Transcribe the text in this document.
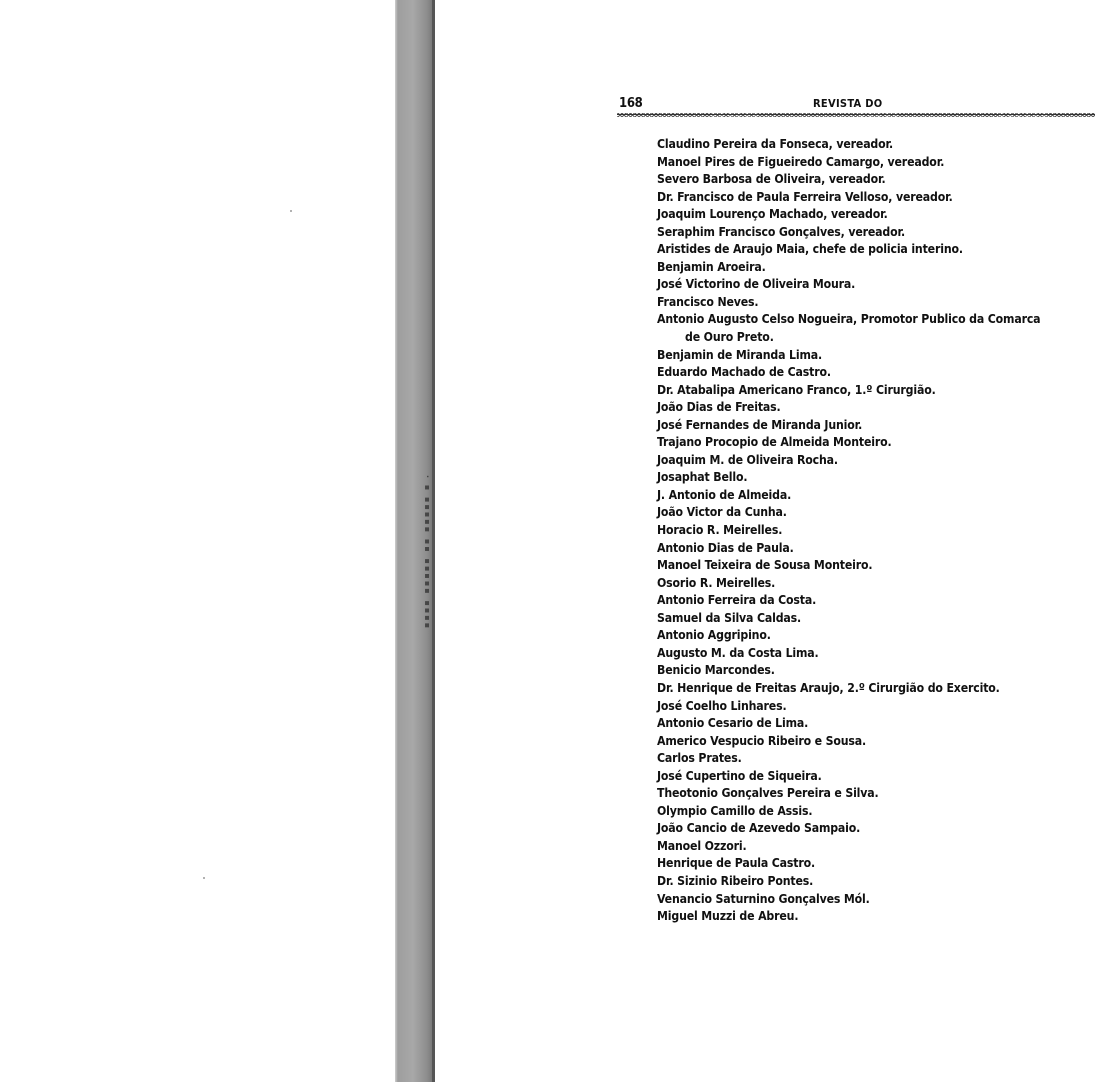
· ▪ ▪▪▪▪▪ ▪▪ ▪▪▪▪▪ ▪▪▪▪
168	REVISTA DO
Claudino Pereira da Fonseca, vereador.
Manoel Pires de Figueiredo Camargo, vereador.
Severo Barbosa de Oliveira, vereador.
Dr. Francisco de Paula Ferreira Velloso, vereador.
Joaquim Lourenço Machado, vereador.
Seraphim Francisco Gonçalves, vereador.
Aristides de Araujo Maia, chefe de policia interino.
Benjamin Aroeira.
José Victorino de Oliveira Moura.
Francisco Neves.
Antonio Augusto Celso Nogueira, Promotor Publico da Comarca
de Ouro Preto.
Benjamin de Miranda Lima.
Eduardo Machado de Castro.
Dr. Atabalipa Americano Franco, 1.º Cirurgião.
João Dias de Freitas.
José Fernandes de Miranda Junior.
Trajano Procopio de Almeida Monteiro.
Joaquim M. de Oliveira Rocha.
Josaphat Bello.
J. Antonio de Almeida.
João Victor da Cunha.
Horacio R. Meirelles.
Antonio Dias de Paula.
Manoel Teixeira de Sousa Monteiro.
Osorio R. Meirelles.
Antonio Ferreira da Costa.
Samuel da Silva Caldas.
Antonio Aggripino.
Augusto M. da Costa Lima.
Benicio Marcondes.
Dr. Henrique de Freitas Araujo, 2.º Cirurgião do Exercito.
José Coelho Linhares.
Antonio Cesario de Lima.
Americo Vespucio Ribeiro e Sousa.
Carlos Prates.
José Cupertino de Siqueira.
Theotonio Gonçalves Pereira e Silva.
Olympio Camillo de Assis.
João Cancio de Azevedo Sampaio.
Manoel Ozzori.
Henrique de Paula Castro.
Dr. Sizinio Ribeiro Pontes.
Venancio Saturnino Gonçalves Mól.
Miguel Muzzi de Abreu.
